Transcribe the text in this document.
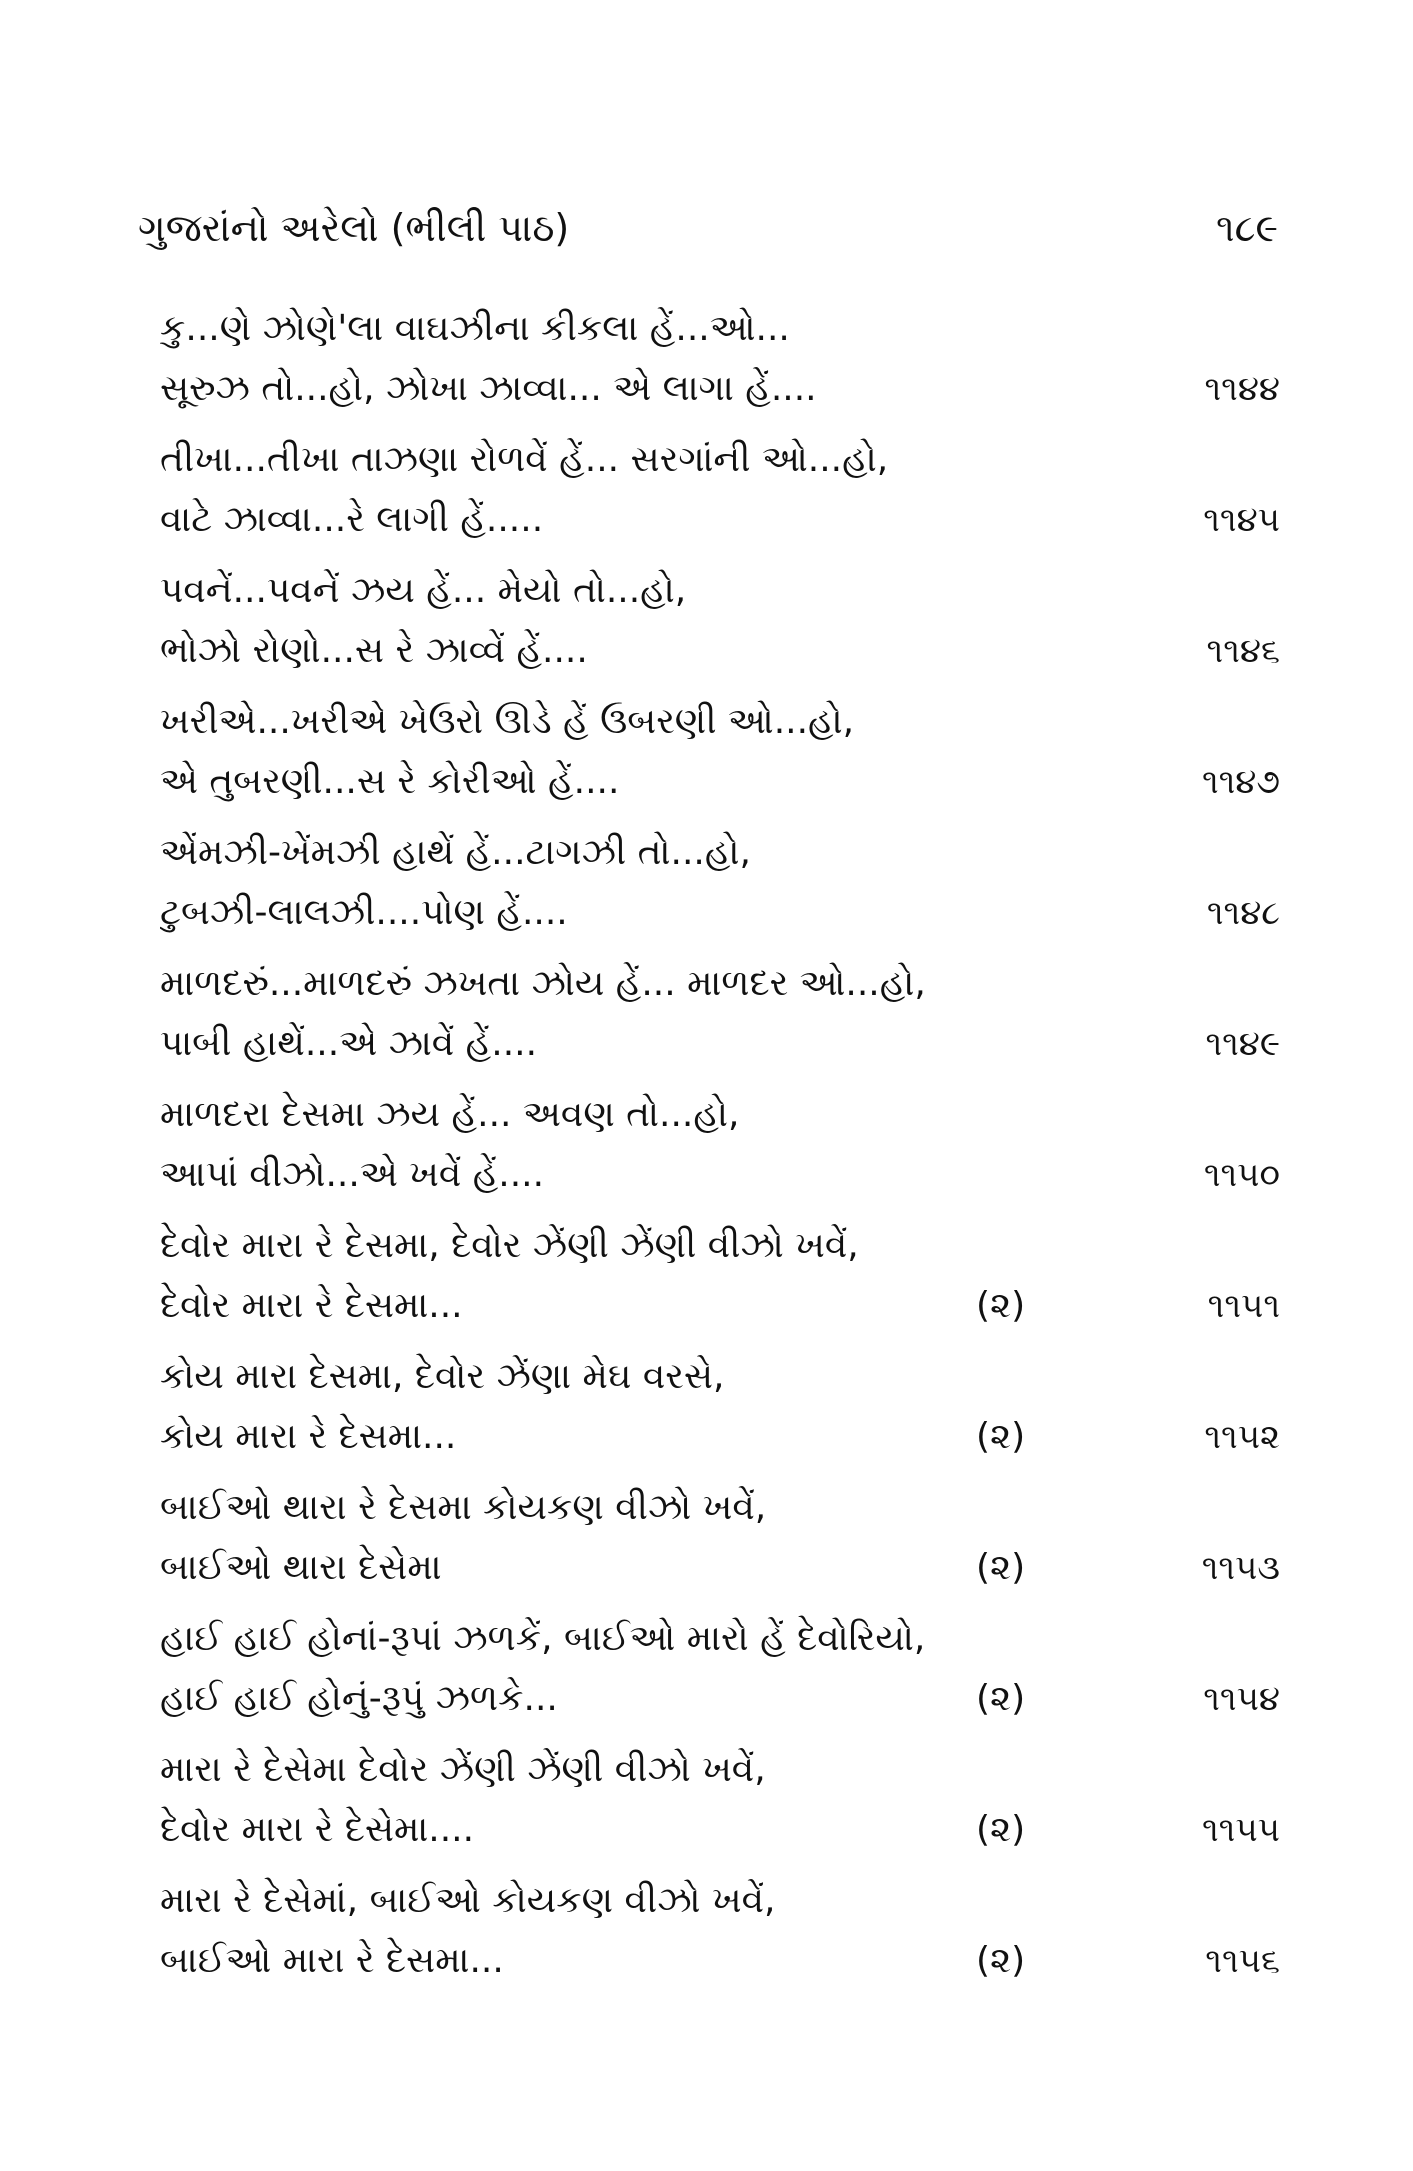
ગુજરાંનો અરેલો (ભીલી પાઠ)	૧૮૯
કુ...ણે ઝોણે'લા વાઘઝીના કીકલા હેં...ઓ...
સૂરુઝ તો...હો, ઝોખા ઝાવ્વા... એ લાગા હેં....	૧૧૪૪
તીખા...તીખા તાઝણા રોળવેં હેં... સરગાંની ઓ...હો,
વાટે ઝાવ્વા...રે લાગી હેં.....	૧૧૪૫
પવનેં...પવનેં ઝય હેં... મેયો તો...હો,
ભોઝો રોણો...સ રે ઝાવ્વેં હેં....	૧૧૪૬
ખરીએ...ખરીએ ખેઉરો ઊડે હેં ઉબરણી ઓ...હો,
એ તુબરણી...સ રે કોરીઓ હેં....	૧૧૪૭
એંમઝી-ખેંમઝી હાથેં હેં...ટાગઝી તો...હો,
ટુબઝી-લાલઝી....પોણ હેં....	૧૧૪૮
માળદરું...માળદરું ઝખતા ઝોય હેં... માળદર ઓ...હો,
પાબી હાથેં...એ ઝાવેં હેં....	૧૧૪૯
માળદરા દેસમા ઝય હેં... અવણ તો...હો,
આપાં વીઝો...એ ખવેં હેં....	૧૧૫૦
દેવોર મારા રે દેસમા, દેવોર ઝેંણી ઝેંણી વીઝો ખવેં,
દેવોર મારા રે દેસમા...	(૨)	૧૧૫૧
કોય મારા દેસમા, દેવોર ઝેંણા મેઘ વરસે,
કોય મારા રે દેસમા...	(૨)	૧૧૫૨
બાઈઓ થારા રે દેસમા કોયકણ વીઝો ખવેં,
બાઈઓ થારા દેસેમા	(૨)	૧૧૫૩
હાઈ હાઈ હોનાં-રૂપાં ઝળકેં, બાઈઓ મારો હેં દેવોરિયો,
હાઈ હાઈ હોનું-રૂપું ઝળકે...	(૨)	૧૧૫૪
મારા રે દેસેમા દેવોર ઝેંણી ઝેંણી વીઝો ખવેં,
દેવોર મારા રે દેસેમા....	(૨)	૧૧૫૫
મારા રે દેસેમાં, બાઈઓ કોયકણ વીઝો ખવેં,
બાઈઓ મારા રે દેસમા...	(૨)	૧૧૫૬
